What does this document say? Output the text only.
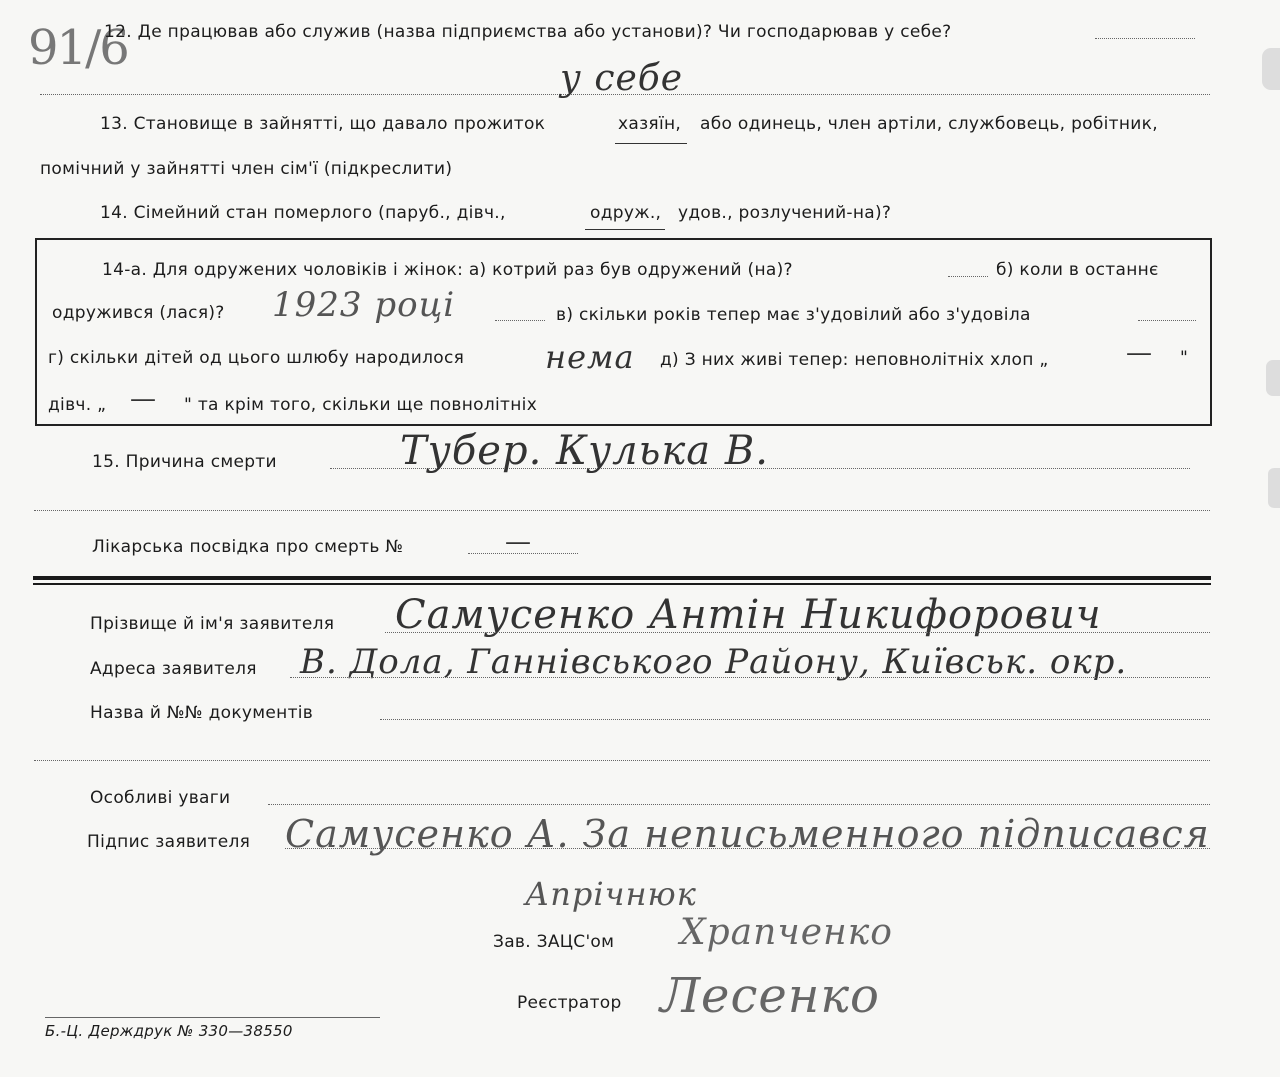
91/6
12. Де працював або служив (назва підприємства або установи)? Чи господарював у себе?
у себе
13. Становище в зайнятті, що давало прожиток	хазяїн, або одинець, член артіли, службовець, робітник,
помічний у зайнятті член сім'ї (підкреслити)
14. Сімейний стан померлого (паруб., дівч.,	одруж., удов., розлучений-на)?
14-а. Для одружених чоловіків і жінок: а) котрий раз був одружений (на)?	б) коли в останнє
одружився (лася)? 1923 році	в) скільки років тепер має з'удовілий або з'удовіла
г) скільки дітей од цього шлюбу народилося	нема д) З них живі тепер: неповнолітніх хлоп „	— "
дівч. „ — " та крім того, скільки ще повнолітніх
15. Причина смерти	Тубер. Кулька В.
Лікарська посвідка про смерть №	—
Прізвище й ім'я заявителя Самусенко Антін Никифорович
Адреса заявителя В. Дола, Ганнівського Району, Київськ. окр.
Назва й №№ документів
Особливі уваги
Підпис заявителя Самусенко А. За неписьменного підписався
Апрічнюк
Зав. ЗАЦС'ом Храпченко
Реєстратор Лесенко
Б.-Ц. Держдрук № 330—38550
